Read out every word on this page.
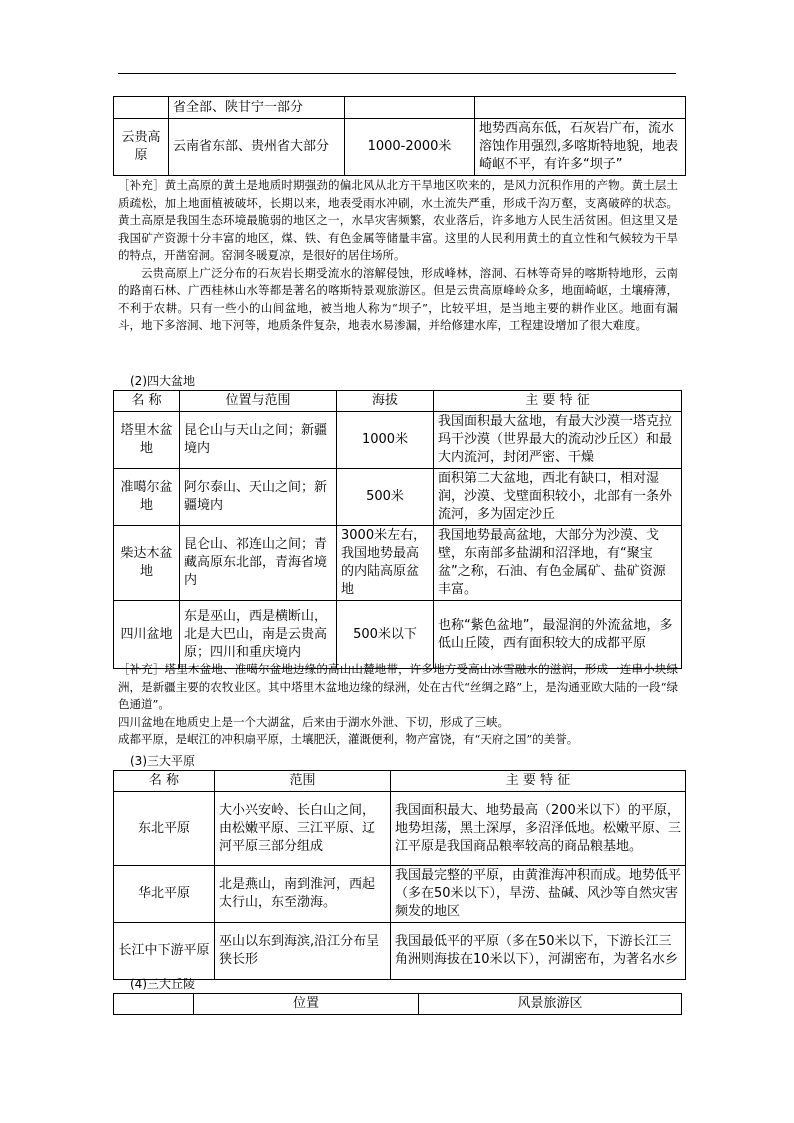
	省全部、陕甘宁一部分		
云贵高原	云南省东部、贵州省大部分	1000-2000米	地势西高东低，石灰岩广布，流水溶蚀作用强烈,多喀斯特地貌，地表崎岖不平，有许多“坝子”

［补充］黄土高原的黄土是地质时期强劲的偏北风从北方干旱地区吹来的，是风力沉积作用的产物。黄土层土质疏松，加上地面植被破坏，长期以来，地表受雨水冲刷，水土流失严重，形成千沟万壑，支离破碎的状态。黄土高原是我国生态环境最脆弱的地区之一，水旱灾害频繁，农业落后，许多地方人民生活贫困。但这里又是我国矿产资源十分丰富的地区，煤、铁、有色金属等储量丰富。这里的人民利用黄土的直立性和气候较为干旱的特点，开凿窑洞。窑洞冬暖夏凉，是很好的居住场所。

云贵高原上广泛分布的石灰岩长期受流水的溶解侵蚀，形成峰林，溶洞、石林等奇异的喀斯特地形，云南的路南石林、广西桂林山水等都是著名的喀斯特景观旅游区。但是云贵高原峰岭众多，地面崎岖，土壤瘠薄，不利于农耕。只有一些小的山间盆地，被当地人称为“坝子”，比较平坦，是当地主要的耕作业区。地面有漏斗，地下多溶洞、地下河等，地质条件复杂，地表水易渗漏，并给修建水库，工程建设增加了很大难度。

(2)四大盆地
名 称	位置与范围	海拔	主 要 特 征
塔里木盆地	昆仑山与天山之间；新疆境内	1000米	我国面积最大盆地，有最大沙漠一塔克拉玛干沙漠（世界最大的流动沙丘区）和最大内流河，封闭严密、干燥
准噶尔盆地	阿尔泰山、天山之间；新疆境内	500米	面积第二大盆地，西北有缺口，相对湿润，沙漠、戈壁面积较小，北部有一条外流河，多为固定沙丘
柴达木盆地	昆仑山、祁连山之间；青藏高原东北部，青海省境内	3000米左右，我国地势最高的内陆高原盆地	我国地势最高盆地，大部分为沙漠、戈壁，东南部多盐湖和沼泽地，有“聚宝盆”之称，石油、有色金属矿、盐矿资源丰富。
四川盆地	东是巫山，西是横断山，北是大巴山，南是云贵高原；四川和重庆境内	500米以下	也称“紫色盆地”，最湿润的外流盆地，多低山丘陵，西有面积较大的成都平原

［补充］塔里木盆地、准噶尔盆地边缘的高山山麓地带，许多地方受高山冰雪融水的滋润，形成一连串小块绿洲，是新疆主要的农牧业区。其中塔里木盆地边缘的绿洲，处在古代“丝绸之路”上，是沟通亚欧大陆的一段“绿色通道”。

四川盆地在地质史上是一个大湖盆，后来由于湖水外泄、下切，形成了三峡。

成都平原，是岷江的冲积扇平原，土壤肥沃，灌溉便利，物产富饶，有“天府之国”的美誉。

(3)三大平原
名 称	范围	主 要 特 征
东北平原	大小兴安岭、长白山之间，由松嫩平原、三江平原、辽河平原三部分组成	我国面积最大、地势最高（200米以下）的平原，地势坦荡，黑土深厚，多沼泽低地。松嫩平原、三江平原是我国商品粮率较高的商品粮基地。
华北平原	北是燕山，南到淮河，西起太行山，东至渤海。	我国最完整的平原，由黄淮海冲积而成。地势低平（多在50米以下），旱涝、盐碱、风沙等自然灾害频发的地区
长江中下游平原	巫山以东到海滨,沿江分布呈狭长形	我国最低平的平原（多在50米以下，下游长江三角洲则海拔在10米以下），河湖密布，为著名水乡
(4)三大丘陵
	位置	风景旅游区
